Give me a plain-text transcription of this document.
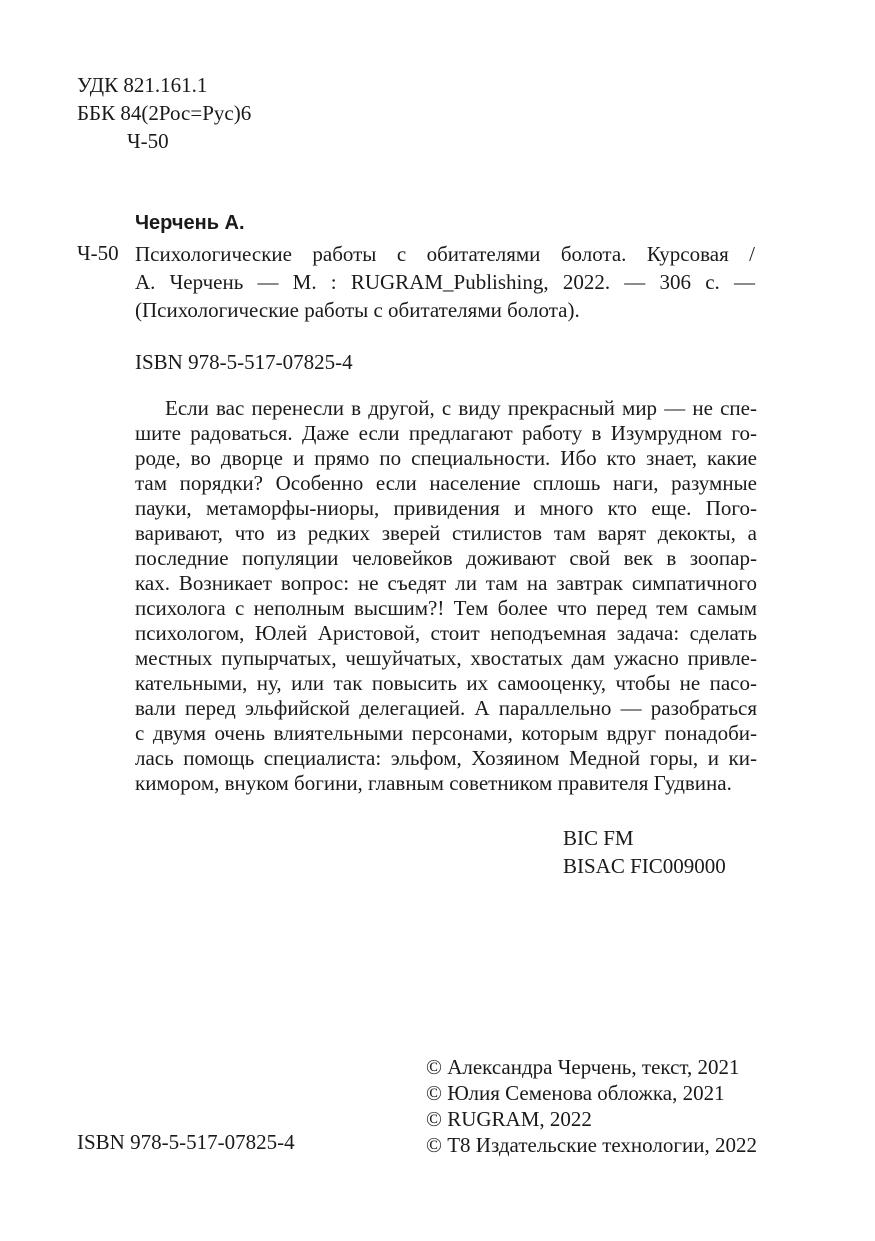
УДК 821.161.1
ББК 84(2Рос=Рус)6
Ч-50
Черчень А.
Ч-50 Психологические работы с обитателями болота. Курсовая /
А. Черчень — М. : RUGRAM_Publishing, 2022. — 306 с. —
(Психологические работы с обитателями болота).
ISBN 978-5-517-07825-4
Если вас перенесли в другой, с виду прекрасный мир — не спе-
шите радоваться. Даже если предлагают работу в Изумрудном го-
роде, во дворце и прямо по специальности. Ибо кто знает, какие
там порядки? Особенно если население сплошь наги, разумные
пауки, метаморфы-ниоры, привидения и много кто еще. Пого-
варивают, что из редких зверей стилистов там варят декокты, а
последние популяции человейков доживают свой век в зоопар-
ках. Возникает вопрос: не съедят ли там на завтрак симпатичного
психолога с неполным высшим?! Тем более что перед тем самым
психологом, Юлей Аристовой, стоит неподъемная задача: сделать
местных пупырчатых, чешуйчатых, хвостатых дам ужасно привле-
кательными, ну, или так повысить их самооценку, чтобы не пасо-
вали перед эльфийской делегацией. А параллельно — разобраться
с двумя очень влиятельными персонами, которым вдруг понадоби-
лась помощь специалиста: эльфом, Хозяином Медной горы, и ки-
кимором, внуком богини, главным советником правителя Гудвина.
BIC FM
BISAC FIC009000
ISBN 978-5-517-07825-4
© Александра Черчень, текст, 2021
© Юлия Семенова обложка, 2021
© RUGRAM, 2022
© Т8 Издательские технологии, 2022
